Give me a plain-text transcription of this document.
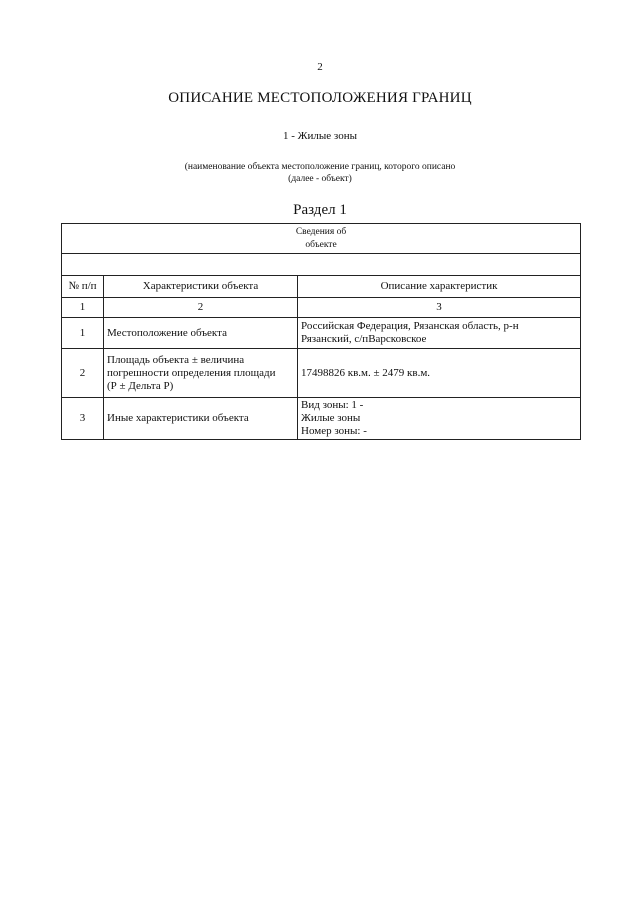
2
ОПИСАНИЕ МЕСТОПОЛОЖЕНИЯ ГРАНИЦ
1 - Жилые зоны
(наименование объекта местоположение границ, которого описано
(далее - объект)
Раздел 1
Сведения об
объекте		

№ п/п	Характеристики объекта	Описание характеристик
1	2	3
1	Местоположение объекта	Российская Федерация, Рязанская область, р-н
Рязанский, с/пВарсковское

2	Площадь объекта ± величина
погрешности определения площади
(Р ± Дельта Р)	17498826 кв.м. ± 2479 кв.м.
3	Иные характеристики объекта	Вид зоны: 1 -
Жилые зоны
Номер зоны: -
